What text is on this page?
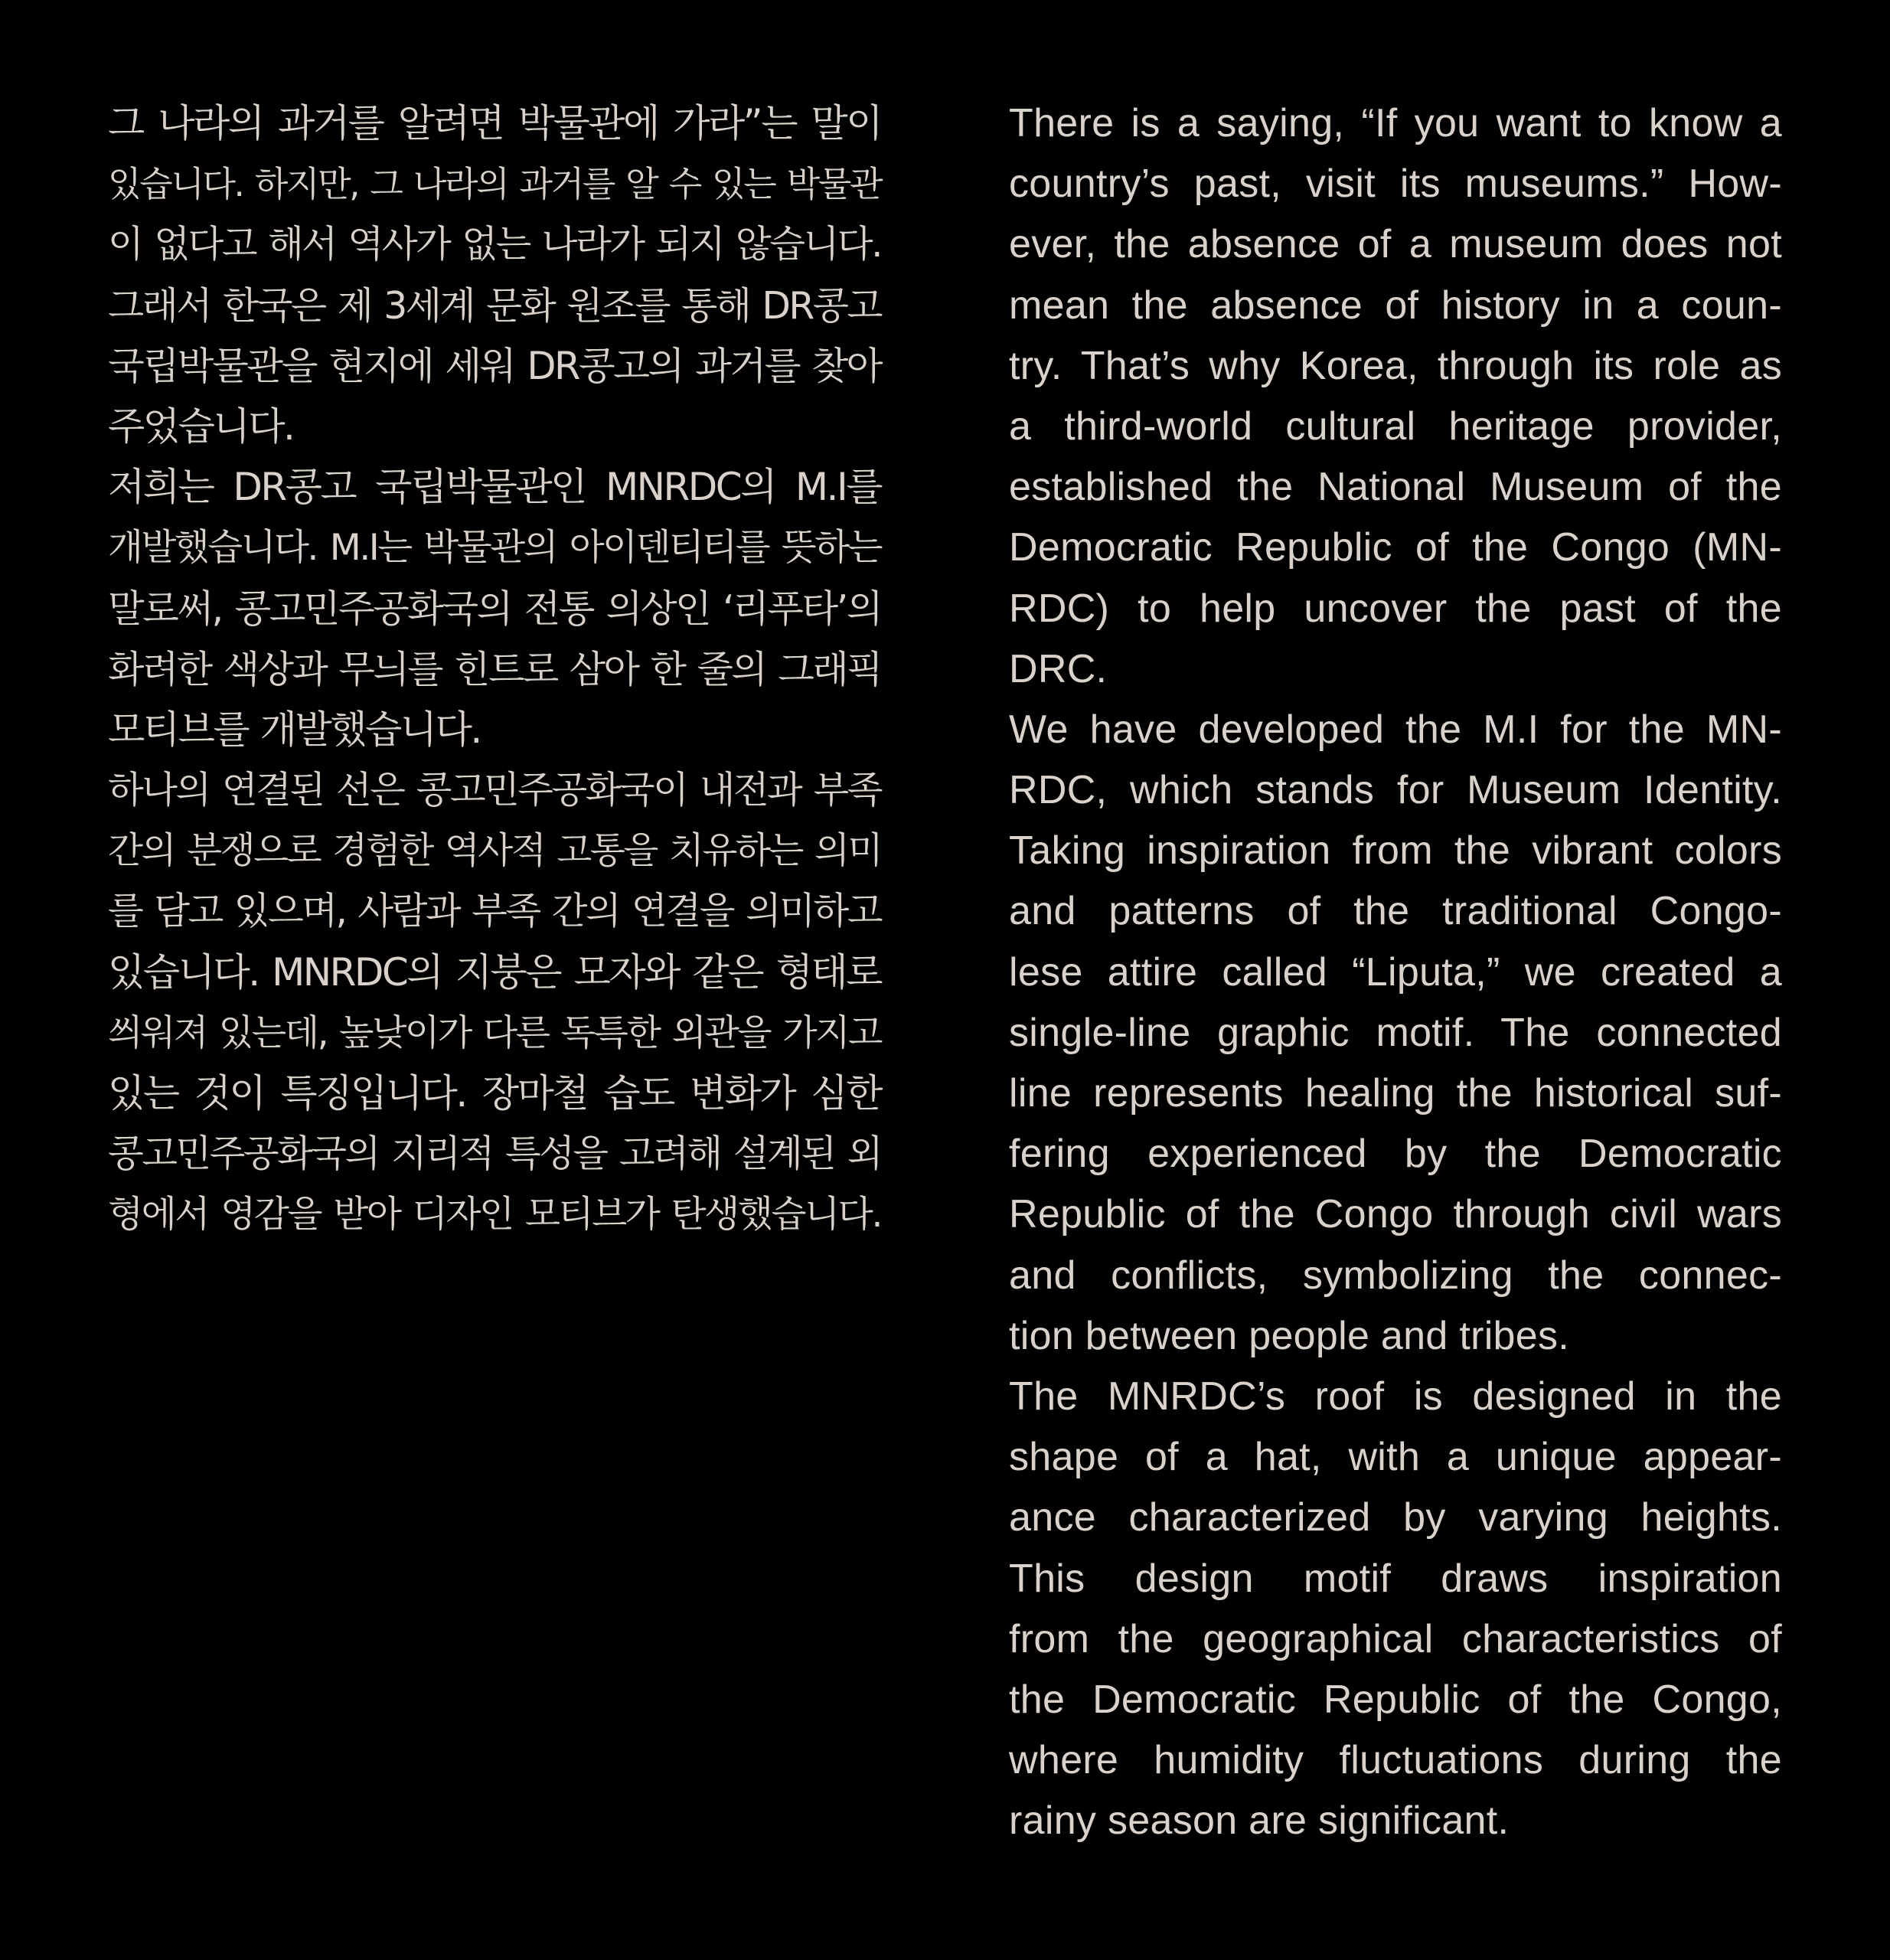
그 나라의 과거를 알려면 박물관에 가라”는 말이
있습니다. 하지만, 그 나라의 과거를 알 수 있는 박물관
이 없다고 해서 역사가 없는 나라가 되지 않습니다.
그래서 한국은 제 3세계 문화 원조를 통해 DR콩고
국립박물관을 현지에 세워 DR콩고의 과거를 찾아
주었습니다.
저희는 DR콩고 국립박물관인 MNRDC의 M.I를
개발했습니다. M.I는 박물관의 아이덴티티를 뜻하는
말로써, 콩고민주공화국의 전통 의상인 ‘리푸타’의
화려한 색상과 무늬를 힌트로 삼아 한 줄의 그래픽
모티브를 개발했습니다.
하나의 연결된 선은 콩고민주공화국이 내전과 부족
간의 분쟁으로 경험한 역사적 고통을 치유하는 의미
를 담고 있으며, 사람과 부족 간의 연결을 의미하고
있습니다. MNRDC의 지붕은 모자와 같은 형태로
씌워져 있는데, 높낮이가 다른 독특한 외관을 가지고
있는 것이 특징입니다. 장마철 습도 변화가 심한
콩고민주공화국의 지리적 특성을 고려해 설계된 외
형에서 영감을 받아 디자인 모티브가 탄생했습니다.
There is a saying, “If you want to know a
country’s past, visit its museums.” How-
ever, the absence of a museum does not
mean the absence of history in a coun-
try. That’s why Korea, through its role as
a third-world cultural heritage provider,
established the National Museum of the
Democratic Republic of the Congo (MN-
RDC) to help uncover the past of the
DRC.
We have developed the M.I for the MN-
RDC, which stands for Museum Identity.
Taking inspiration from the vibrant colors
and patterns of the traditional Congo-
lese attire called “Liputa,” we created a
single-line graphic motif. The connected
line represents healing the historical suf-
fering experienced by the Democratic
Republic of the Congo through civil wars
and conflicts, symbolizing the connec-
tion between people and tribes.
The MNRDC’s roof is designed in the
shape of a hat, with a unique appear-
ance characterized by varying heights.
This design motif draws inspiration
from the geographical characteristics of
the Democratic Republic of the Congo,
where humidity fluctuations during the
rainy season are significant.
